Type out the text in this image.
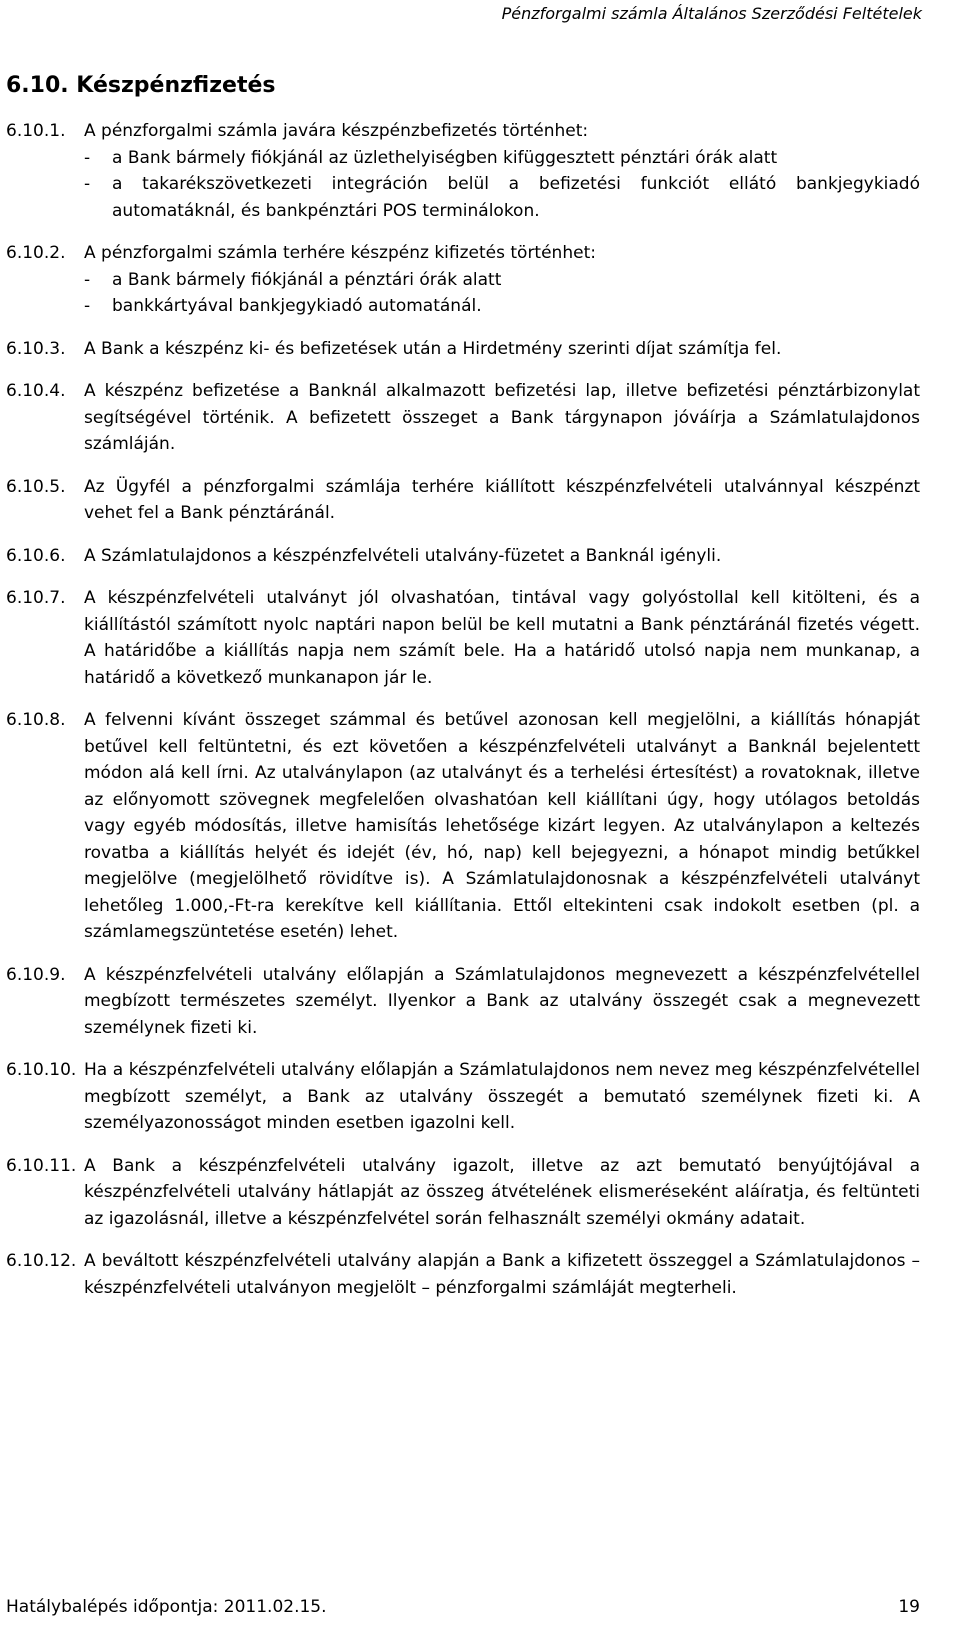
Pénzforgalmi számla Általános Szerződési Feltételek
6.10. Készpénzfizetés
6.10.1.	A pénzforgalmi számla javára készpénzbefizetés történhet:
-	a Bank bármely fiókjánál az üzlethelyiségben kifüggesztett pénztári órák alatt
-	a takarékszövetkezeti integráción belül a befizetési funkciót ellátó bankjegykiadó automatáknál, és bankpénztári POS terminálokon.
6.10.2.	A pénzforgalmi számla terhére készpénz kifizetés történhet:
-	a Bank bármely fiókjánál a pénztári órák alatt
-	bankkártyával bankjegykiadó automatánál.
6.10.3.	A Bank a készpénz ki- és befizetések után a Hirdetmény szerinti díjat számítja fel.
6.10.4.	A készpénz befizetése a Banknál alkalmazott befizetési lap, illetve befizetési pénztárbizonylat segítségével történik. A befizetett összeget a Bank tárgynapon jóváírja a Számlatulajdonos számláján.
6.10.5.	Az Ügyfél a pénzforgalmi számlája terhére kiállított készpénzfelvételi utalvánnyal készpénzt vehet fel a Bank pénztáránál.
6.10.6.	A Számlatulajdonos a készpénzfelvételi utalvány-füzetet a Banknál igényli.
6.10.7.	A készpénzfelvételi utalványt jól olvashatóan, tintával vagy golyóstollal kell kitölteni, és a kiállítástól számított nyolc naptári napon belül be kell mutatni a Bank pénztáránál fizetés végett. A határidőbe a kiállítás napja nem számít bele. Ha a határidő utolsó napja nem munkanap, a határidő a következő munkanapon jár le.
6.10.8.	A felvenni kívánt összeget számmal és betűvel azonosan kell megjelölni, a kiállítás hónapját betűvel kell feltüntetni, és ezt követően a készpénzfelvételi utalványt a Banknál bejelentett módon alá kell írni. Az utalványlapon (az utalványt és a terhelési értesítést) a rovatoknak, illetve az előnyomott szövegnek megfelelően olvashatóan kell kiállítani úgy, hogy utólagos betoldás vagy egyéb módosítás, illetve hamisítás lehetősége kizárt legyen. Az utalványlapon a keltezés rovatba a kiállítás helyét és idejét (év, hó, nap) kell bejegyezni, a hónapot mindig betűkkel megjelölve (megjelölhető rövidítve is). A Számlatulajdonosnak a készpénzfelvételi utalványt lehetőleg 1.000,-Ft-ra kerekítve kell kiállítania. Ettől eltekinteni csak indokolt esetben (pl. a számlamegszüntetése esetén) lehet.
6.10.9.	A készpénzfelvételi utalvány előlapján a Számlatulajdonos megnevezett a készpénzfelvétellel megbízott természetes személyt. Ilyenkor a Bank az utalvány összegét csak a megnevezett személynek fizeti ki.
6.10.10. Ha a készpénzfelvételi utalvány előlapján a Számlatulajdonos nem nevez meg készpénzfelvétellel megbízott személyt, a Bank az utalvány összegét a bemutató személynek fizeti ki. A személyazonosságot minden esetben igazolni kell.
6.10.11. A Bank a készpénzfelvételi utalvány igazolt, illetve az azt bemutató benyújtójával a készpénzfelvételi utalvány hátlapját az összeg átvételének elismeréseként aláíratja, és feltünteti az igazolásnál, illetve a készpénzfelvétel során felhasznált személyi okmány adatait.
6.10.12. A beváltott készpénzfelvételi utalvány alapján a Bank a kifizetett összeggel a Számlatulajdonos – készpénzfelvételi utalványon megjelölt – pénzforgalmi számláját megterheli.
Hatálybalépés időpontja: 2011.02.15.	19
